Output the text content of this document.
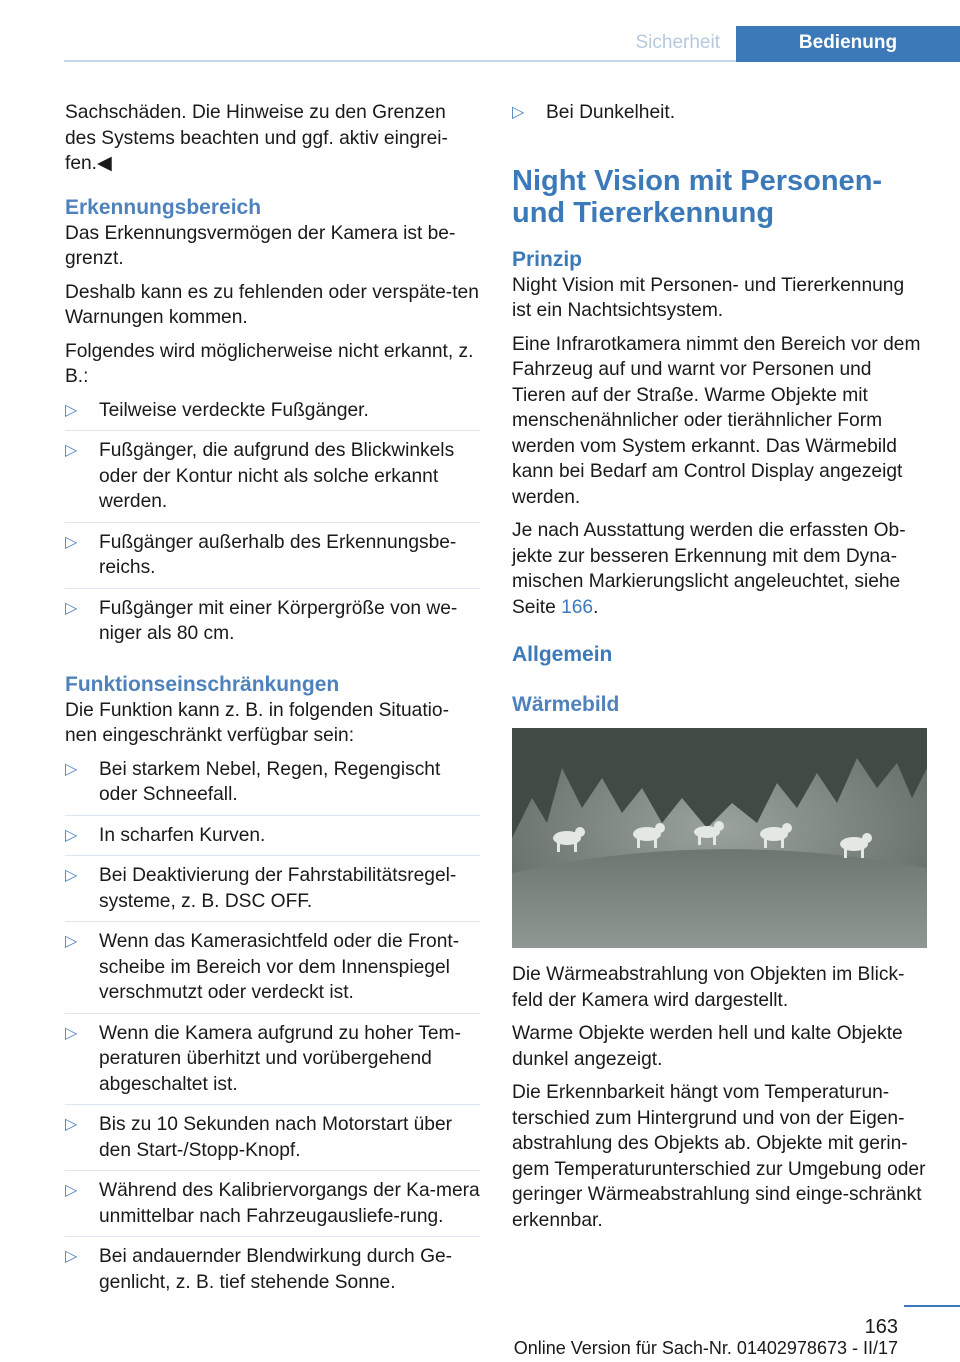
Sicherheit	Bedienung

Sachschäden. Die Hinweise zu den Grenzen des Systems beachten und ggf. aktiv eingrei-fen.◀

Erkennungsbereich

Das Erkennungsvermögen der Kamera ist be-grenzt.

Deshalb kann es zu fehlenden oder verspäte-ten Warnungen kommen.

Folgendes wird möglicherweise nicht erkannt, z. B.:

▷ Teilweise verdeckte Fußgänger.
▷ Fußgänger, die aufgrund des Blickwinkels oder der Kontur nicht als solche erkannt werden.
▷ Fußgänger außerhalb des Erkennungsbe-reichs.
▷ Fußgänger mit einer Körpergröße von we-niger als 80 cm.
Funktionseinschränkungen

Die Funktion kann z. B. in folgenden Situatio-nen eingeschränkt verfügbar sein:

▷ Bei starkem Nebel, Regen, Regengischt oder Schneefall.
▷ In scharfen Kurven.
▷ Bei Deaktivierung der Fahrstabilitätsregel-systeme, z. B. DSC OFF.
▷ Wenn das Kamerasichtfeld oder die Front-scheibe im Bereich vor dem Innenspiegel verschmutzt oder verdeckt ist.
▷ Wenn die Kamera aufgrund zu hoher Tem-peraturen überhitzt und vorübergehend abgeschaltet ist.
▷ Bis zu 10 Sekunden nach Motorstart über den Start-/Stopp-Knopf.
▷ Während des Kalibriervorgangs der Ka-mera unmittelbar nach Fahrzeugausliefe-rung.
▷ Bei andauernder Blendwirkung durch Ge-genlicht, z. B. tief stehende Sonne.
▷ Bei Dunkelheit.
Night Vision mit Personen- und Tiererkennung
Prinzip

Night Vision mit Personen- und Tiererkennung ist ein Nachtsichtsystem.

Eine Infrarotkamera nimmt den Bereich vor dem Fahrzeug auf und warnt vor Personen und Tieren auf der Straße. Warme Objekte mit menschenähnlicher oder tierähnlicher Form werden vom System erkannt. Das Wärmebild kann bei Bedarf am Control Display angezeigt werden.

Je nach Ausstattung werden die erfassten Ob-jekte zur besseren Erkennung mit dem Dyna-mischen Markierungslicht angeleuchtet, siehe Seite 166.

Allgemein
Wärmebild

Die Wärmeabstrahlung von Objekten im Blick-feld der Kamera wird dargestellt.

Warme Objekte werden hell und kalte Objekte dunkel angezeigt.

Die Erkennbarkeit hängt vom Temperaturun-terschied zum Hintergrund und von der Eigen-abstrahlung des Objekts ab. Objekte mit gerin-gem Temperaturunterschied zur Umgebung oder geringer Wärmeabstrahlung sind einge-schränkt erkennbar.

163
Online Version für Sach-Nr. 01402978673 - II/17
